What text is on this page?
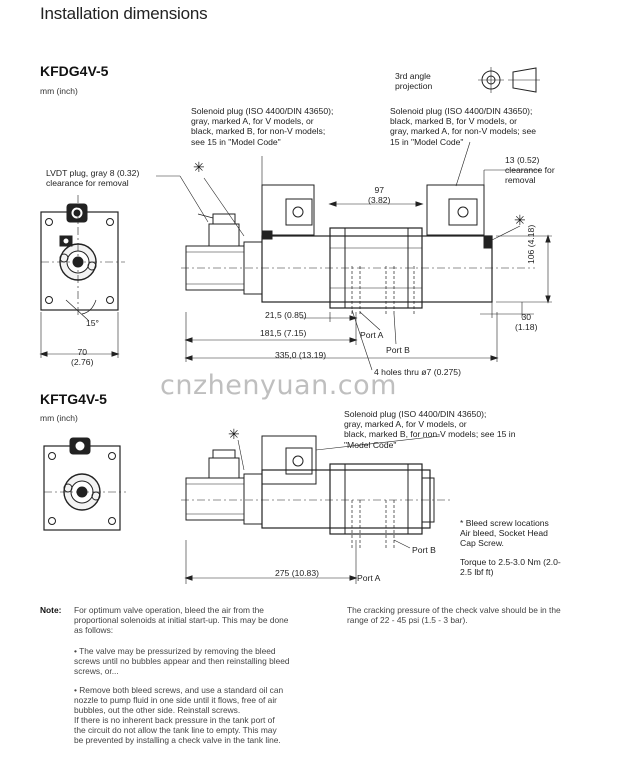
Installation dimensions
KFDG4V-5
mm (inch)
KFTG4V-5
mm (inch)
3rd angle
projection
Solenoid plug (ISO 4400/DIN 43650);
gray, marked A, for V models, or
black, marked B, for non-V models;
see 15 in "Model Code"
Solenoid plug (ISO 4400/DIN 43650);
black, marked B, for V models, or
gray, marked A, for non-V models; see
15 in "Model Code"
✳
✳
LVDT plug, gray 8 (0.32)
clearance for removal
13 (0.52)
clearance for
removal
97
(3.82)
106 (4.18)
30
(1.18)
15°
70
(2.76)
21,5 (0.85)
181,5 (7.15)
335,0 (13.19)
Port A
Port B
4 holes thru ø7 (0.275)
cnzhenyuan.com
Solenoid plug (ISO 4400/DIN 43650);
gray, marked A, for V models, or
black, marked B, for non-V models; see 15 in
"Model Code"
✳
* Bleed screw locations
Air bleed, Socket Head
Cap Screw.
Torque to 2.5-3.0 Nm (2.0-
2.5 lbf ft)
275 (10.83)	Port A
Port B
Note: For optimum valve operation, bleed the air from the
proportional solenoids at initial start-up. This may be done
as follows:
• The valve may be pressurized by removing the bleed
screws until no bubbles appear and then reinstalling bleed
screws, or...
• Remove both bleed screws, and use a standard oil can
nozzle to pump fluid in one side until it flows, free of air
bubbles, out the other side. Reinstall screws.
If there is no inherent back pressure in the tank port of
the circuit do not allow the tank line to empty. This may
be prevented by installing a check valve in the tank line.
The cracking pressure of the check valve should be in the
range of 22 - 45 psi (1.5 - 3 bar).
